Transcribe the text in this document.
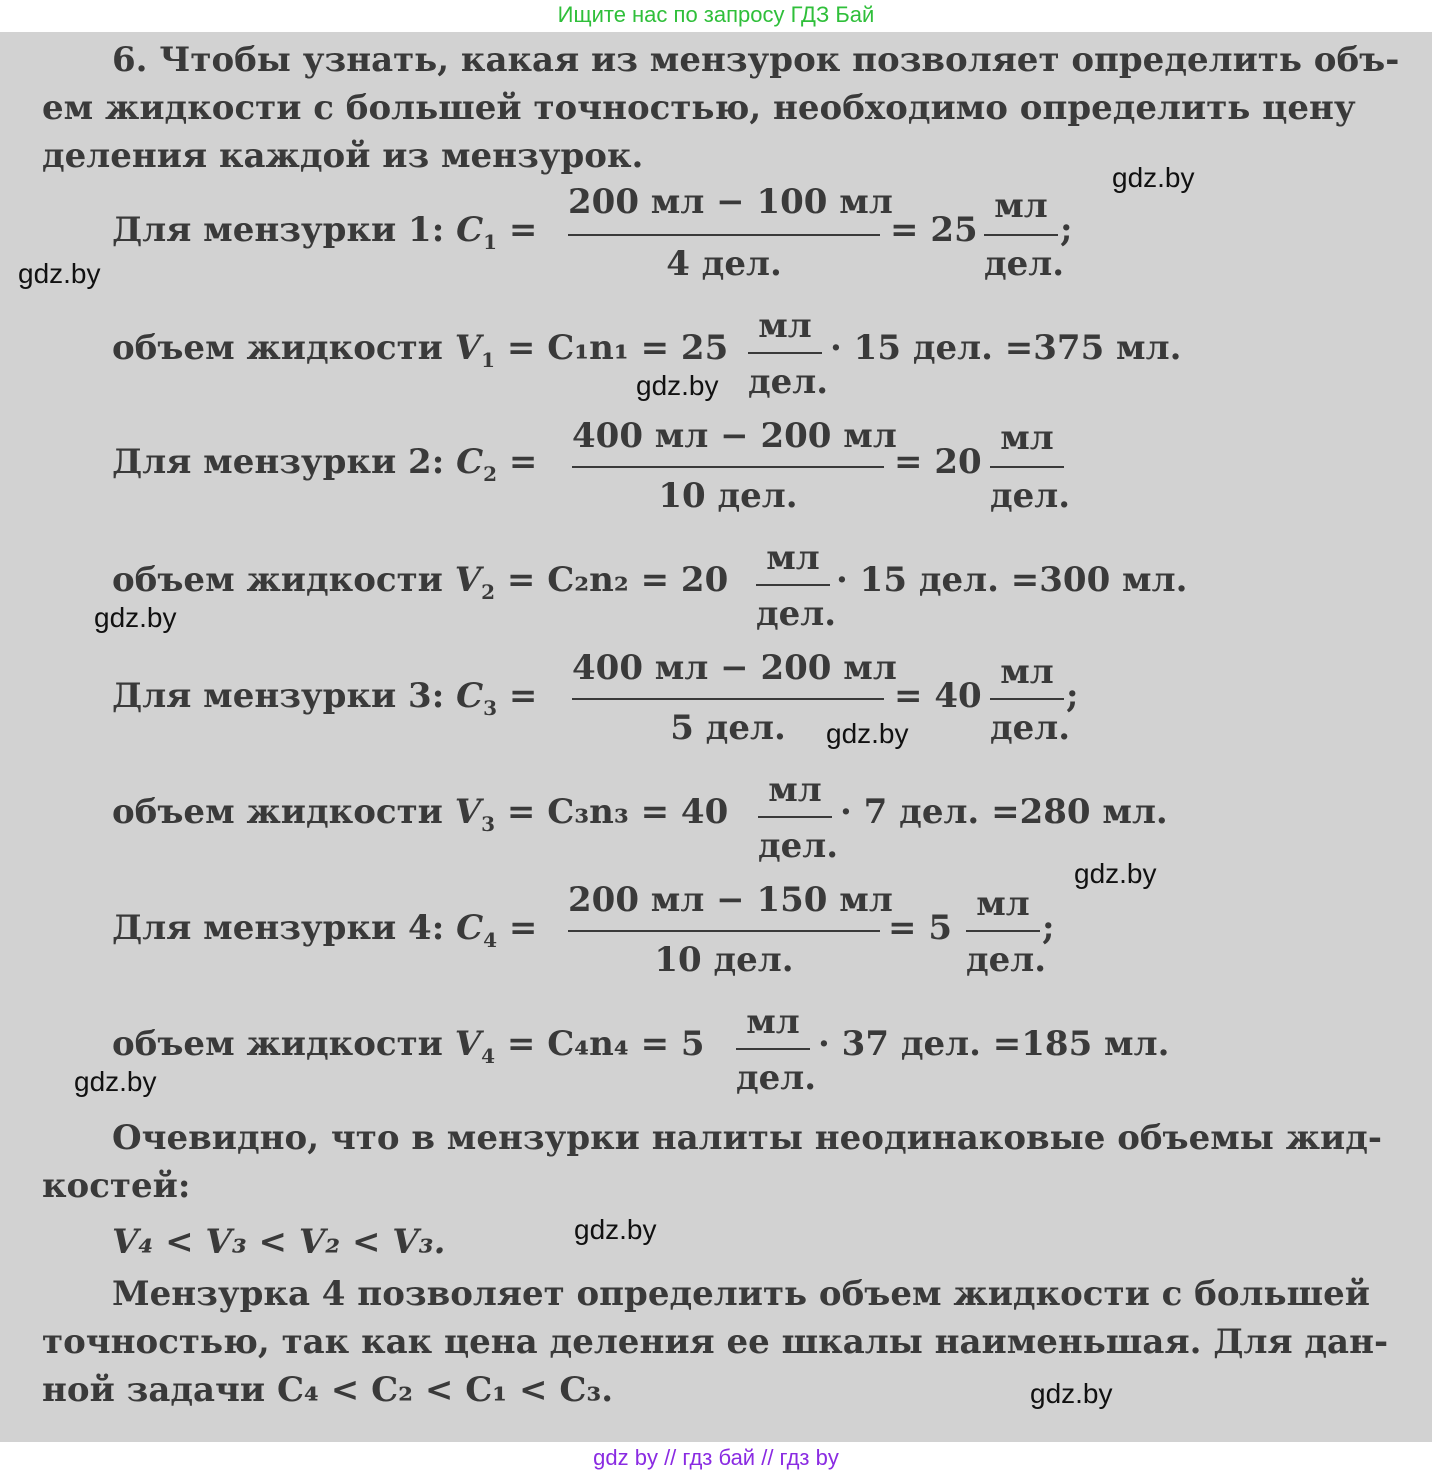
Ищите нас по запросу ГДЗ Бай

6. Чтобы узнать, какая из мензурок позволяет определить объ-
ем жидкости с большей точностью, необходимо определить цену
деления каждой из мензурок.
Для мензурки 1: $C_1$ =
200 мл − 100 мл
4 дел.
= 25
мл
дел.
;
объем жидкости $V_1 = C_1n_1 = 25$
мл
дел.
· 15 дел. =375 мл.
Для мензурки 2: $C_2$ =
400 мл − 200 мл
10 дел.
= 20
мл
дел.
объем жидкости $V_2 = C_2n_2 = 20$
мл
дел.
· 15 дел. =300 мл.
Для мензурки 3: $C_3$ =
400 мл − 200 мл
5 дел.
= 40
мл
дел.
;
объем жидкости $V_3 = C_3n_3 = 40$
мл
дел.
· 7 дел. =280 мл.
Для мензурки 4: $C_4$ =
200 мл − 150 мл
10 дел.
= 5
мл
дел.
;
объем жидкости $V_4 = C_4n_4 = 5$
мл
дел.
· 37 дел. =185 мл.
Очевидно, что в мензурки налиты неодинаковые объемы жид-
костей:
V₄ < V₃ < V₂ < V₃.
Мензурка 4 позволяет определить объем жидкости с большей
точностью, так как цена деления ее шкалы наименьшая. Для дан-
ной задачи C₄ < C₂ < C₁ < C₃.
gdz.by
gdz.by
gdz.by
gdz.by
gdz.by
gdz.by
gdz.by
gdz.by
gdz.by
gdz by // гдз бай // гдз by
